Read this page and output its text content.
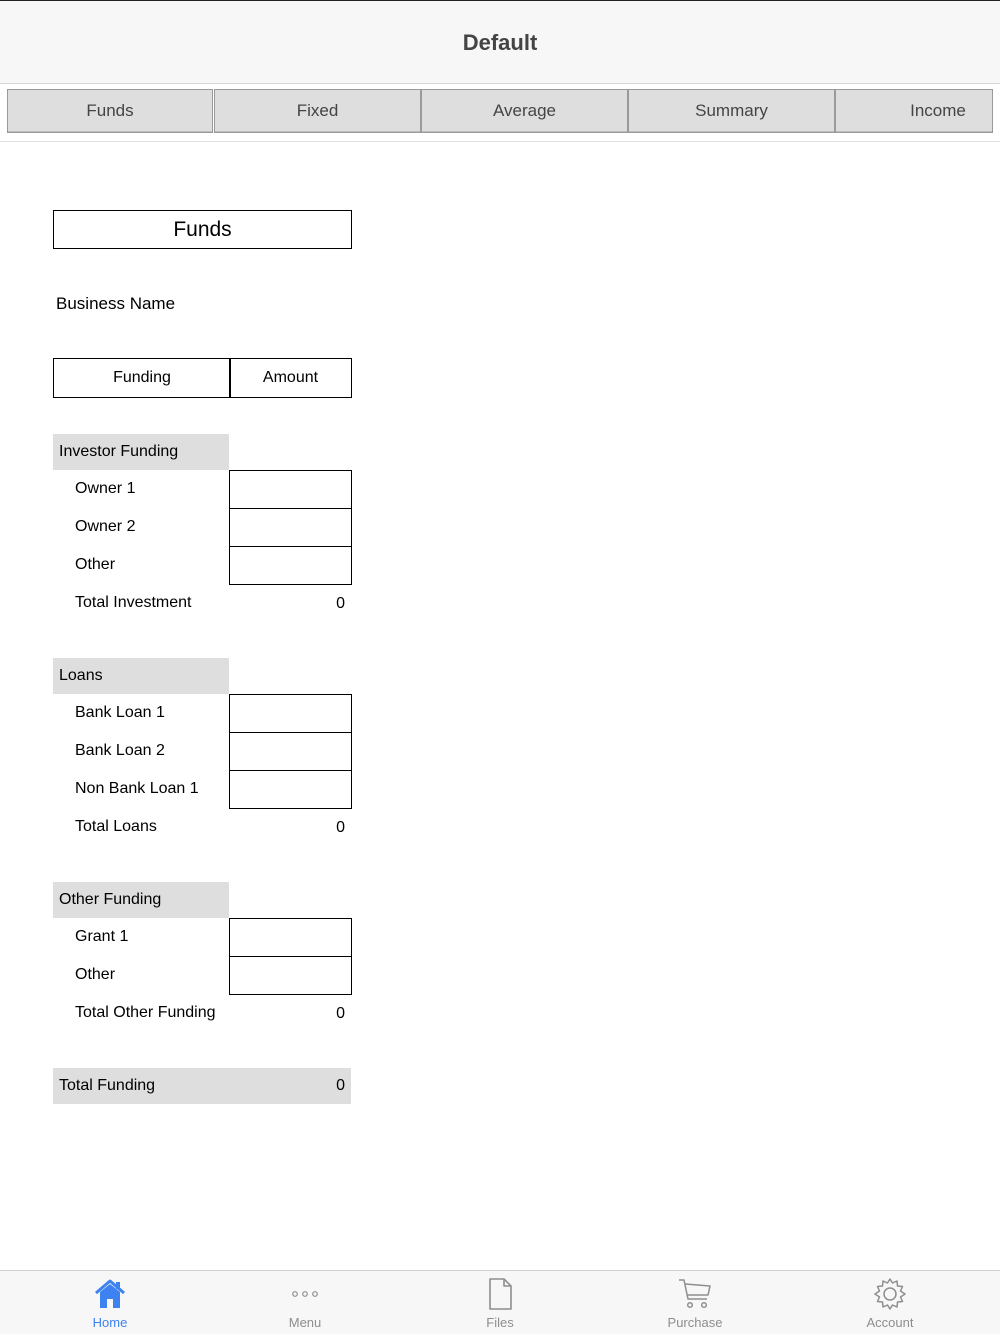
Default
Funds	Fixed	Average	Summary	Income
Funds
Business Name
Funding	Amount
Investor Funding
Owner 1
Owner 2
Other
Total Investment	0
Loans
Bank Loan 1
Bank Loan 2
Non Bank Loan 1
Total Loans	0
Other Funding
Grant 1
Other
Total Other Funding	0
Total Funding	0
Home	Menu	Files	Purchase	Account
